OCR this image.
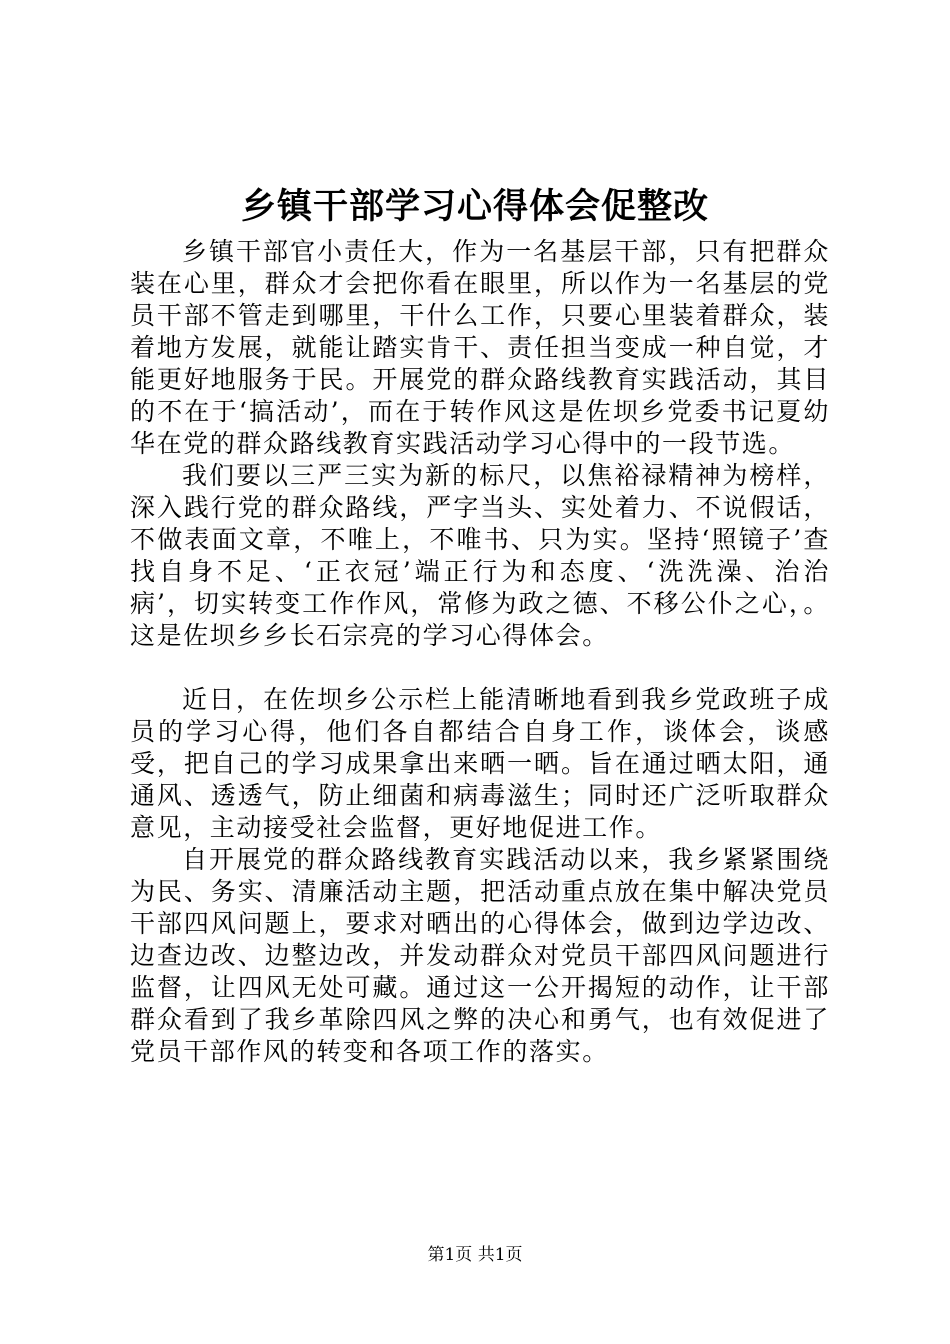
乡镇干部学习心得体会促整改

乡镇干部官小责任大，作为一名基层干部，只有把群众装在心里，群众才会把你看在眼里，所以作为一名基层的党员干部不管走到哪里，干什么工作，只要心里装着群众，装着地方发展，就能让踏实肯干、责任担当变成一种自觉，才能更好地服务于民。开展党的群众路线教育实践活动，其目的不在于‘搞活动’，而在于转作风这是佐坝乡党委书记夏幼华在党的群众路线教育实践活动学习心得中的一段节选。

我们要以三严三实为新的标尺，以焦裕禄精神为榜样，深入践行党的群众路线，严字当头、实处着力、不说假话，不做表面文章，不唯上，不唯书、只为实。坚持‘照镜子’查找自身不足、‘正衣冠’端正行为和态度、‘洗洗澡、治治病’，切实转变工作作风，常修为政之德、不移公仆之心，。这是佐坝乡乡长石宗亮的学习心得体会。

近日，在佐坝乡公示栏上能清晰地看到我乡党政班子成员的学习心得，他们各自都结合自身工作，谈体会，谈感受，把自己的学习成果拿出来晒一晒。旨在通过晒太阳，通通风、透透气，防止细菌和病毒滋生；同时还广泛听取群众意见，主动接受社会监督，更好地促进工作。

自开展党的群众路线教育实践活动以来，我乡紧紧围绕为民、务实、清廉活动主题，把活动重点放在集中解决党员干部四风问题上，要求对晒出的心得体会，做到边学边改、边查边改、边整边改，并发动群众对党员干部四风问题进行监督，让四风无处可藏。通过这一公开揭短的动作，让干部群众看到了我乡革除四风之弊的决心和勇气，也有效促进了党员干部作风的转变和各项工作的落实。

第1页 共1页
